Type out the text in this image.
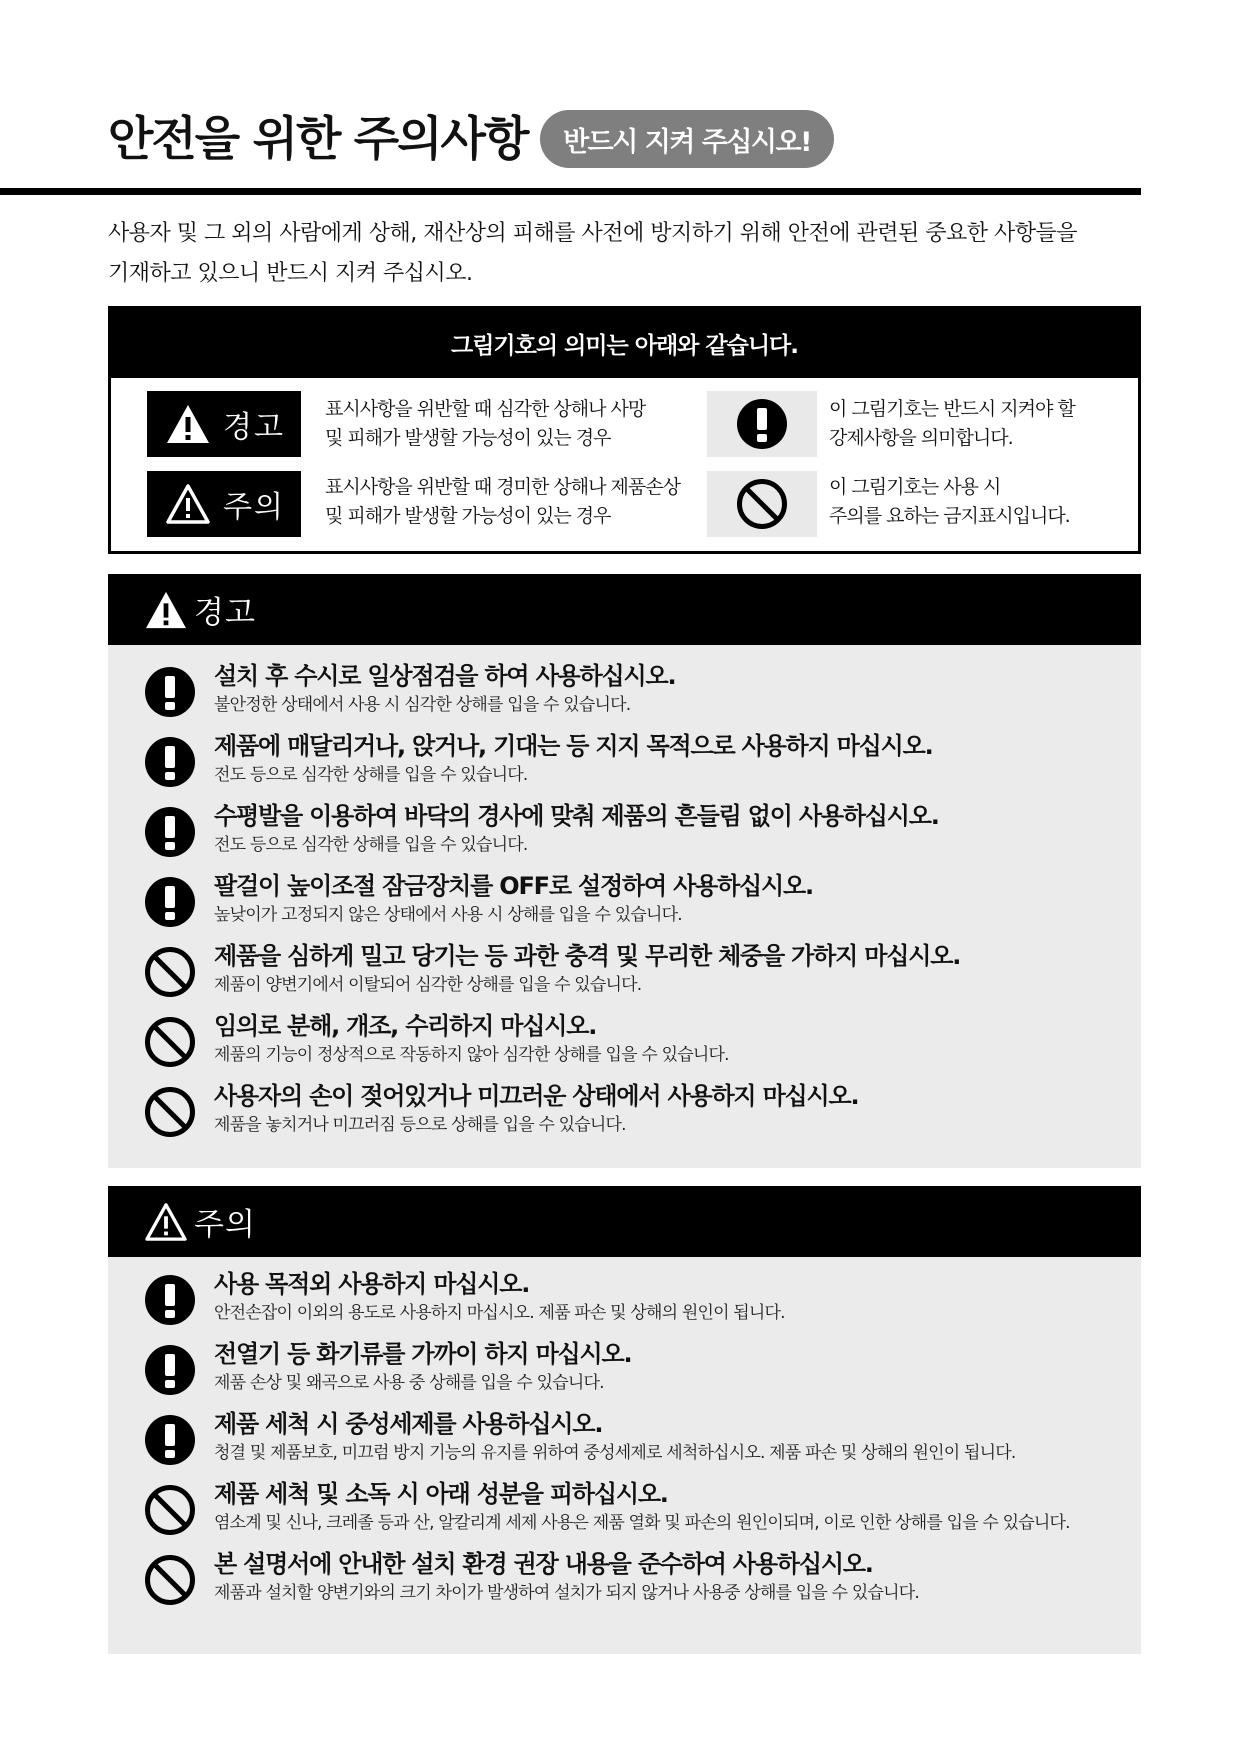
안전을 위한 주의사항	반드시 지켜 주십시오!
사용자 및 그 외의 사람에게 상해, 재산상의 피해를 사전에 방지하기 위해 안전에 관련된 중요한 사항들을
기재하고 있으니 반드시 지켜 주십시오.
그림기호의 의미는 아래와 같습니다.
경고
표시사항을 위반할 때 심각한 상해나 사망
및 피해가 발생할 가능성이 있는 경우
주의
표시사항을 위반할 때 경미한 상해나 제품손상
및 피해가 발생할 가능성이 있는 경우
이 그림기호는 반드시 지켜야 할
강제사항을 의미합니다.
이 그림기호는 사용 시
주의를 요하는 금지표시입니다.
경고
설치 후 수시로 일상점검을 하여 사용하십시오.
불안정한 상태에서 사용 시 심각한 상해를 입을 수 있습니다.
제품에 매달리거나, 앉거나, 기대는 등 지지 목적으로 사용하지 마십시오.
전도 등으로 심각한 상해를 입을 수 있습니다.
수평발을 이용하여 바닥의 경사에 맞춰 제품의 흔들림 없이 사용하십시오.
전도 등으로 심각한 상해를 입을 수 있습니다.
팔걸이 높이조절 잠금장치를 OFF로 설정하여 사용하십시오.
높낮이가 고정되지 않은 상태에서 사용 시 상해를 입을 수 있습니다.
제품을 심하게 밀고 당기는 등 과한 충격 및 무리한 체중을 가하지 마십시오.
제품이 양변기에서 이탈되어 심각한 상해를 입을 수 있습니다.
임의로 분해, 개조, 수리하지 마십시오.
제품의 기능이 정상적으로 작동하지 않아 심각한 상해를 입을 수 있습니다.
사용자의 손이 젖어있거나 미끄러운 상태에서 사용하지 마십시오.
제품을 놓치거나 미끄러짐 등으로 상해를 입을 수 있습니다.
주의
사용 목적외 사용하지 마십시오.
안전손잡이 이외의 용도로 사용하지 마십시오. 제품 파손 및 상해의 원인이 됩니다.
전열기 등 화기류를 가까이 하지 마십시오.
제품 손상 및 왜곡으로 사용 중 상해를 입을 수 있습니다.
제품 세척 시 중성세제를 사용하십시오.
청결 및 제품보호, 미끄럼 방지 기능의 유지를 위하여 중성세제로 세척하십시오. 제품 파손 및 상해의 원인이 됩니다.
제품 세척 및 소독 시 아래 성분을 피하십시오.
염소계 및 신나, 크레졸 등과 산, 알칼리계 세제 사용은 제품 열화 및 파손의 원인이되며, 이로 인한 상해를 입을 수 있습니다.
본 설명서에 안내한 설치 환경 권장 내용을 준수하여 사용하십시오.
제품과 설치할 양변기와의 크기 차이가 발생하여 설치가 되지 않거나 사용중 상해를 입을 수 있습니다.
